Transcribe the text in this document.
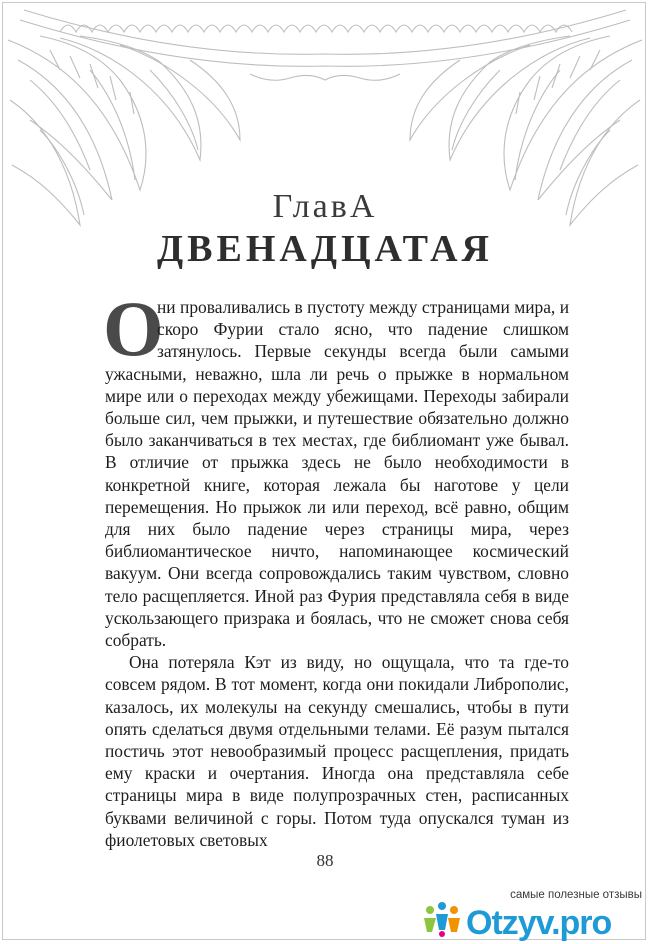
ГлавА
ДВЕНАДЦАТАЯ

О
ни проваливались в пустоту между страницами мира, и скоро Фурии стало ясно, что падение слишком затянулось. Первые секунды всегда были самыми ужасными, неважно, шла ли речь о прыжке в нормальном мире или о переходах между убежищами. Переходы забирали больше сил, чем прыжки, и путешествие обязательно должно было заканчиваться в тех местах, где библиомант уже бывал. В отличие от прыжка здесь не было необходимости в конкретной книге, которая лежала бы наготове у цели перемещения. Но прыжок ли или переход, всё равно, общим для них было падение через страницы мира, через библиомантическое ничто, напоминающее космический вакуум. Они всегда сопровождались таким чувством, словно тело расщепляется. Иной раз Фурия представляла себя в виде ускользающего призрака и боялась, что не сможет снова себя собрать.

Она потеряла Кэт из виду, но ощущала, что та где-то совсем рядом. В тот момент, когда они покидали Либрополис, казалось, их молекулы на секунду смешались, чтобы в пути опять сделаться двумя отдельными телами. Её разум пытался постичь этот невообразимый процесс расщепления, придать ему краски и очертания. Иногда она представляла себе страницы мира в виде полупрозрачных стен, расписанных буквами величиной с горы. Потом туда опускался туман из фиолетовых световых

88
самые полезные отзывы
Otzyv.pro
